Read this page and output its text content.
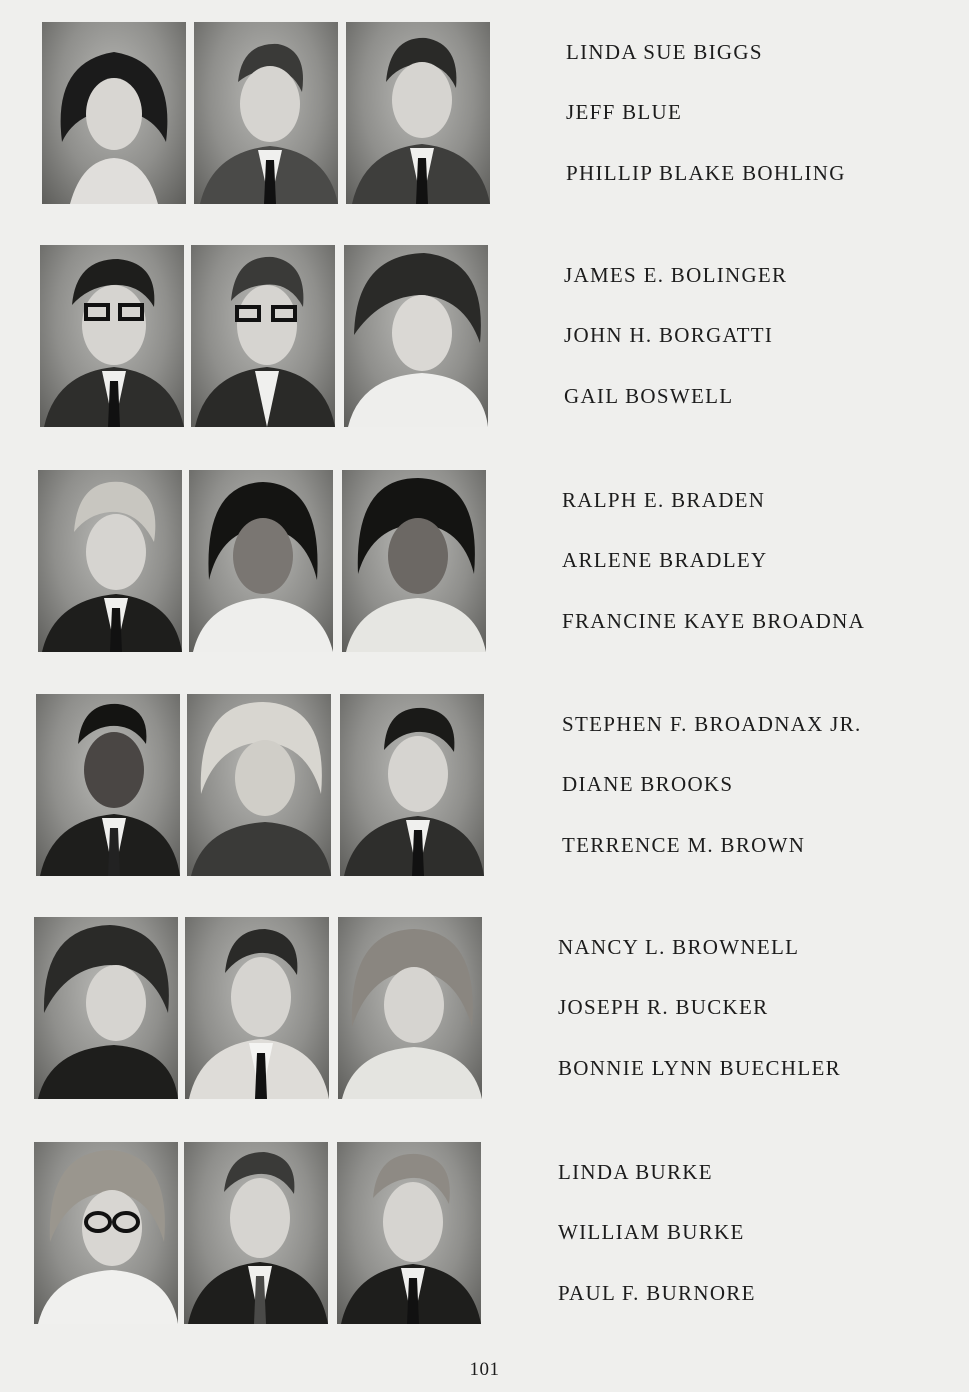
LINDA SUE BIGGS
JEFF BLUE
PHILLIP BLAKE BOHLING
JAMES E. BOLINGER
JOHN H. BORGATTI
GAIL BOSWELL
RALPH E. BRADEN
ARLENE BRADLEY
FRANCINE KAYE BROADNA
STEPHEN F. BROADNAX JR.
DIANE BROOKS
TERRENCE M. BROWN
NANCY L. BROWNELL
JOSEPH R. BUCKER
BONNIE LYNN BUECHLER
LINDA BURKE
WILLIAM BURKE
PAUL F. BURNORE
101
